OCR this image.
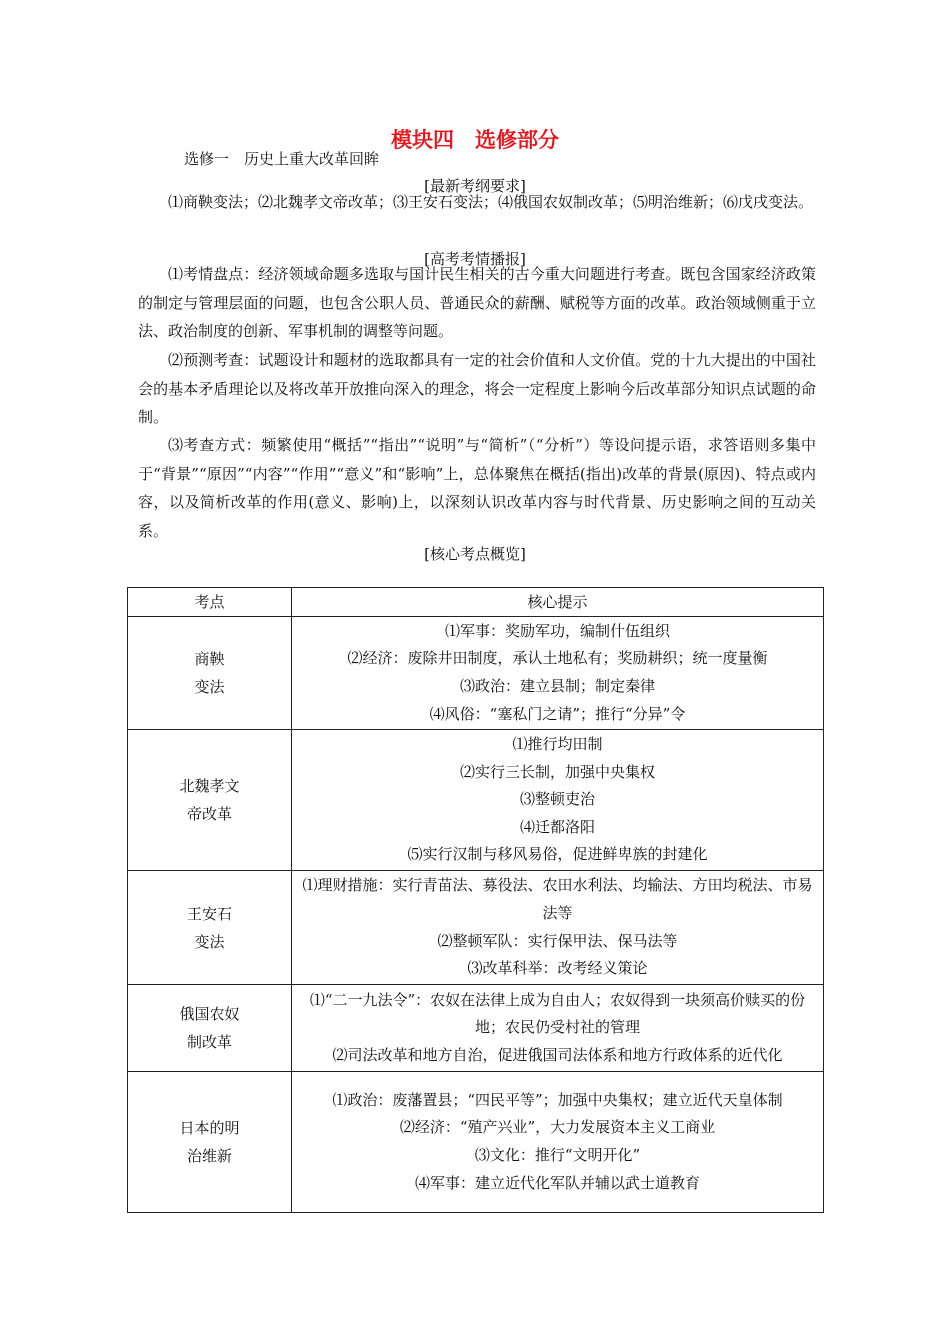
模块四　选修部分
选修一　历史上重大改革回眸
[最新考纲要求]
⑴商鞅变法；⑵北魏孝文帝改革；⑶王安石变法；⑷俄国农奴制改革；⑸明治维新；⑹戊戌变法。
[高考考情播报]
⑴考情盘点：经济领域命题多选取与国计民生相关的古今重大问题进行考查。既包含国家经济政策的制定与管理层面的问题，也包含公职人员、普通民众的薪酬、赋税等方面的改革。政治领域侧重于立法、政治制度的创新、军事机制的调整等问题。
⑵预测考查：试题设计和题材的选取都具有一定的社会价值和人文价值。党的十九大提出的中国社会的基本矛盾理论以及将改革开放推向深入的理念，将会一定程度上影响今后改革部分知识点试题的命制。
⑶考查方式：频繁使用“概括”“指出”“说明”与“简析”（“分析”）等设问提示语，求答语则多集中于“背景”“原因”“内容”“作用”“意义”和“影响”上，总体聚焦在概括(指出)改革的背景(原因)、特点或内容，以及简析改革的作用(意义、影响)上，以深刻认识改革内容与时代背景、历史影响之间的互动关系。
[核心考点概览]
考点	核心提示

商鞅
变法	⑴军事：奖励军功，编制什伍组织
⑵经济：废除井田制度，承认土地私有；奖励耕织；统一度量衡
⑶政治：建立县制；制定秦律
⑷风俗：“塞私门之请”；推行“分异”令

北魏孝文
帝改革	⑴推行均田制
⑵实行三长制，加强中央集权
⑶整顿吏治
⑷迁都洛阳
⑸实行汉制与移风易俗，促进鲜卑族的封建化

王安石
变法	⑴理财措施：实行青苗法、募役法、农田水利法、均输法、方田均税法、市易法等
⑵整顿军队：实行保甲法、保马法等
⑶改革科举：改考经义策论

俄国农奴
制改革	⑴“二一九法令”：农奴在法律上成为自由人；农奴得到一块须高价赎买的份地；农民仍受村社的管理
⑵司法改革和地方自治，促进俄国司法体系和地方行政体系的近代化

日本的明
治维新	⑴政治：废藩置县；“四民平等”；加强中央集权；建立近代天皇体制
⑵经济：“殖产兴业”，大力发展资本主义工商业
⑶文化：推行“文明开化”
⑷军事：建立近代化军队并辅以武士道教育
